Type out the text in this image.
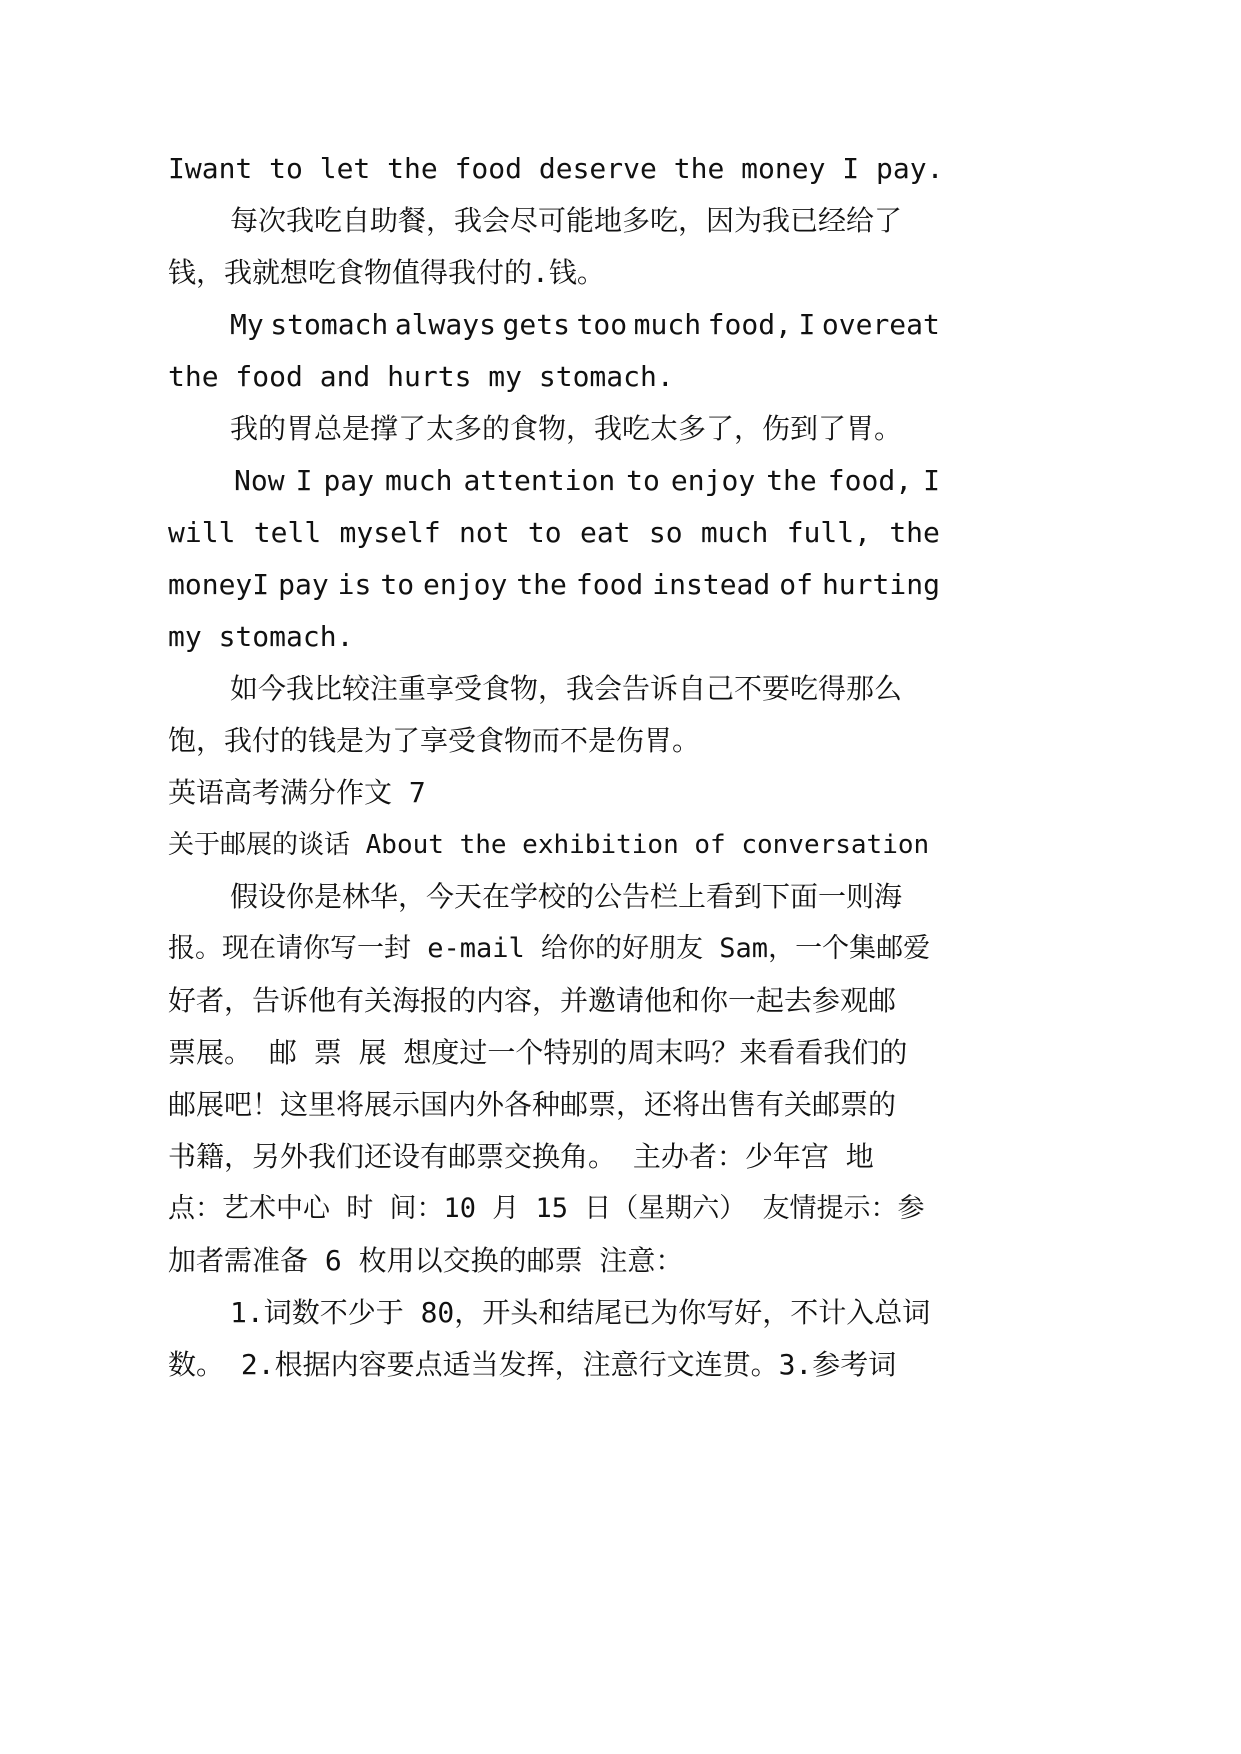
Iwant to let the food deserve the money I pay.
每次我吃自助餐，我会尽可能地多吃，因为我已经给了
钱，我就想吃食物值得我付的.钱。
My stomach always gets too much food, I overeat
the food and hurts my stomach.
我的胃总是撑了太多的食物，我吃太多了，伤到了胃。
Now I pay much attention to enjoy the food, I
will tell myself not to eat so much full, the
moneyI pay is to enjoy the food instead of hurting
my stomach.
如今我比较注重享受食物，我会告诉自己不要吃得那么
饱，我付的钱是为了享受食物而不是伤胃。
英语高考满分作文 7
关于邮展的谈话 About the exhibition of conversation
假设你是林华，今天在学校的公告栏上看到下面一则海
报。现在请你写一封 e-mail 给你的好朋友 Sam，一个集邮爱
好者，告诉他有关海报的内容，并邀请他和你一起去参观邮
票展。 邮 票 展 想度过一个特别的周末吗？来看看我们的
邮展吧！这里将展示国内外各种邮票，还将出售有关邮票的
书籍，另外我们还设有邮票交换角。 主办者：少年宫 地
点：艺术中心 时 间：10 月 15 日（星期六） 友情提示：参
加者需准备 6 枚用以交换的邮票 注意：
1.词数不少于 80，开头和结尾已为你写好，不计入总词
数。 2.根据内容要点适当发挥，注意行文连贯。3.参考词
